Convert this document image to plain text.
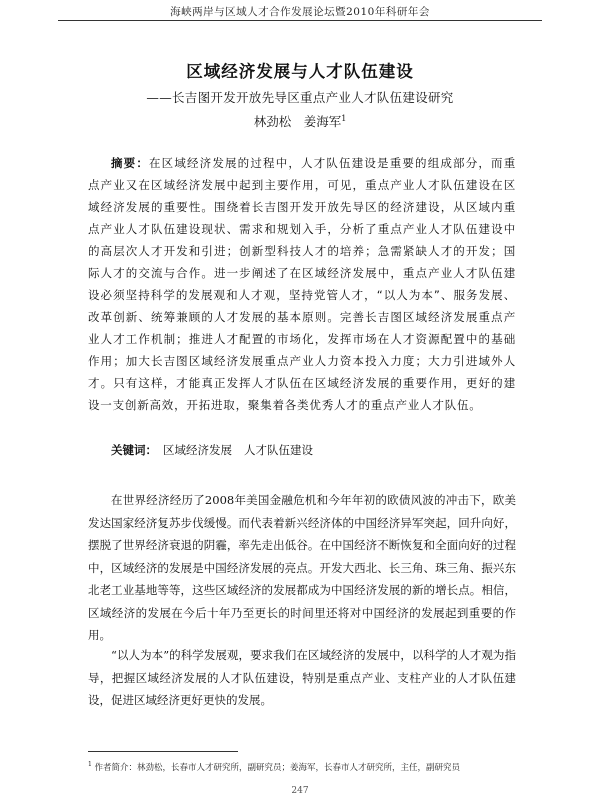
海峡两岸与区域人才合作发展论坛暨2010年科研年会
区域经济发展与人才队伍建设
——长吉图开发开放先导区重点产业人才队伍建设研究
林劲松　姜海军$^1$
摘要：在区域经济发展的过程中，人才队伍建设是重要的组成部分，而重点产业又在区域经济发展中起到主要作用，可见，重点产业人才队伍建设在区域经济发展的重要性。围绕着长吉图开发开放先导区的经济建设，从区域内重点产业人才队伍建设现状、需求和规划入手，分析了重点产业人才队伍建设中的高层次人才开发和引进；创新型科技人才的培养；急需紧缺人才的开发；国际人才的交流与合作。进一步阐述了在区域经济发展中，重点产业人才队伍建设必须坚持科学的发展观和人才观，坚持党管人才，“以人为本”、服务发展、改革创新、统筹兼顾的人才发展的基本原则。完善长吉图区域经济发展重点产业人才工作机制；推进人才配置的市场化，发挥市场在人才资源配置中的基础作用；加大长吉图区域经济发展重点产业人力资本投入力度；大力引进域外人才。只有这样，才能真正发挥人才队伍在区域经济发展的重要作用，更好的建设一支创新高效，开拓进取，聚集着各类优秀人才的重点产业人才队伍。
关键词： 区域经济发展 人才队伍建设
在世界经济经历了2008年美国金融危机和今年年初的欧债风波的冲击下，欧美发达国家经济复苏步伐缓慢。而代表着新兴经济体的中国经济异军突起，回升向好，摆脱了世界经济衰退的阴霾，率先走出低谷。在中国经济不断恢复和全面向好的过程中，区域经济的发展是中国经济发展的亮点。开发大西北、长三角、珠三角、振兴东北老工业基地等等，这些区域经济的发展都成为中国经济发展的新的增长点。相信，区域经济的发展在今后十年乃至更长的时间里还将对中国经济的发展起到重要的作用。
“以人为本”的科学发展观，要求我们在区域经济的发展中，以科学的人才观为指导，把握区域经济发展的人才队伍建设，特别是重点产业、支柱产业的人才队伍建设，促进区域经济更好更快的发展。
$^1$ 作者简介：林劲松，长春市人才研究所，副研究员；姜海军，长春市人才研究所，主任，副研究员
247
